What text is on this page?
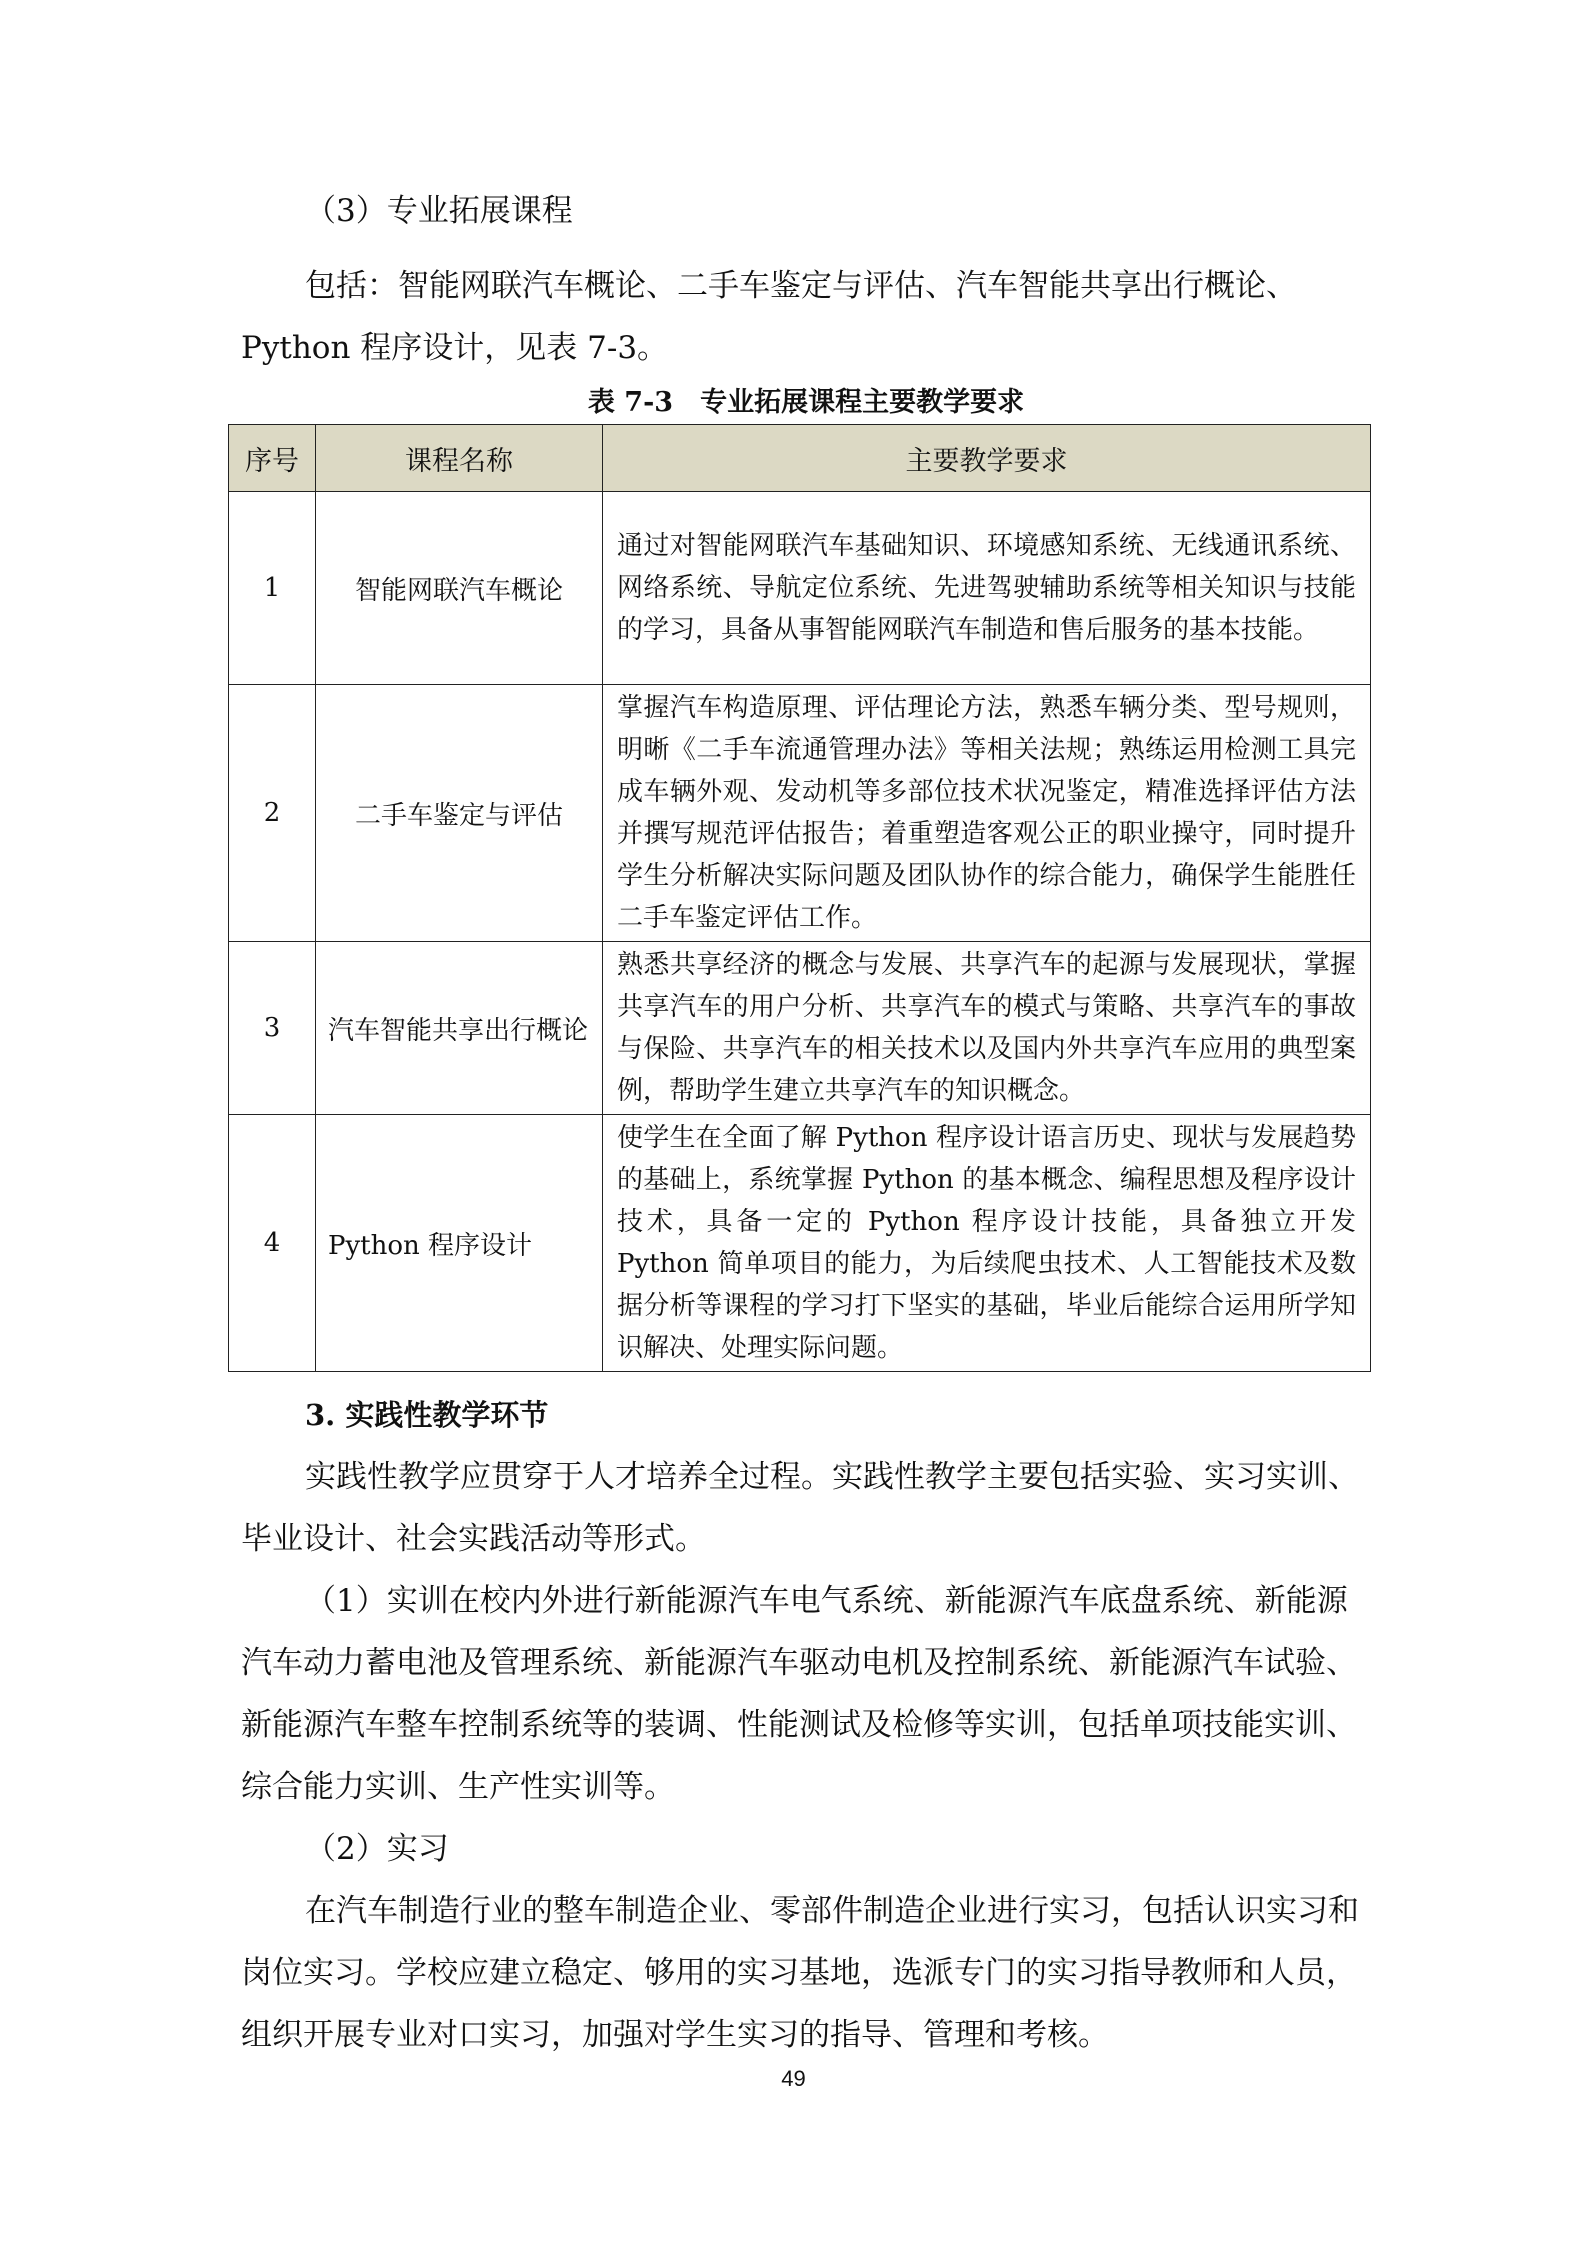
（3）专业拓展课程

包括：智能网联汽车概论、二手车鉴定与评估、汽车智能共享出行概论、Python 程序设计，见表 7-3。

表 7-3　专业拓展课程主要教学要求

序号	课程名称	主要教学要求
1	智能网联汽车概论	通过对智能网联汽车基础知识、环境感知系统、无线通讯系统、网络系统、导航定位系统、先进驾驶辅助系统等相关知识与技能的学习，具备从事智能网联汽车制造和售后服务的基本技能。
2	二手车鉴定与评估	掌握汽车构造原理、评估理论方法，熟悉车辆分类、型号规则，明晰《二手车流通管理办法》等相关法规；熟练运用检测工具完成车辆外观、发动机等多部位技术状况鉴定，精准选择评估方法并撰写规范评估报告；着重塑造客观公正的职业操守，同时提升学生分析解决实际问题及团队协作的综合能力，确保学生能胜任二手车鉴定评估工作。
3	汽车智能共享出行概论	熟悉共享经济的概念与发展、共享汽车的起源与发展现状，掌握共享汽车的用户分析、共享汽车的模式与策略、共享汽车的事故与保险、共享汽车的相关技术以及国内外共享汽车应用的典型案例，帮助学生建立共享汽车的知识概念。
4	Python 程序设计	使学生在全面了解 Python 程序设计语言历史、现状与发展趋势的基础上，系统掌握 Python 的基本概念、编程思想及程序设计技术，具备一定的 Python 程序设计技能，具备独立开发 Python 简单项目的能力，为后续爬虫技术、人工智能技术及数据分析等课程的学习打下坚实的基础，毕业后能综合运用所学知识解决、处理实际问题。

3. 实践性教学环节

实践性教学应贯穿于人才培养全过程。实践性教学主要包括实验、实习实训、毕业设计、社会实践活动等形式。

（1）实训在校内外进行新能源汽车电气系统、新能源汽车底盘系统、新能源汽车动力蓄电池及管理系统、新能源汽车驱动电机及控制系统、新能源汽车试验、新能源汽车整车控制系统等的装调、性能测试及检修等实训，包括单项技能实训、综合能力实训、生产性实训等。

（2）实习

在汽车制造行业的整车制造企业、零部件制造企业进行实习，包括认识实习和岗位实习。学校应建立稳定、够用的实习基地，选派专门的实习指导教师和人员，组织开展专业对口实习，加强对学生实习的指导、管理和考核。

49
